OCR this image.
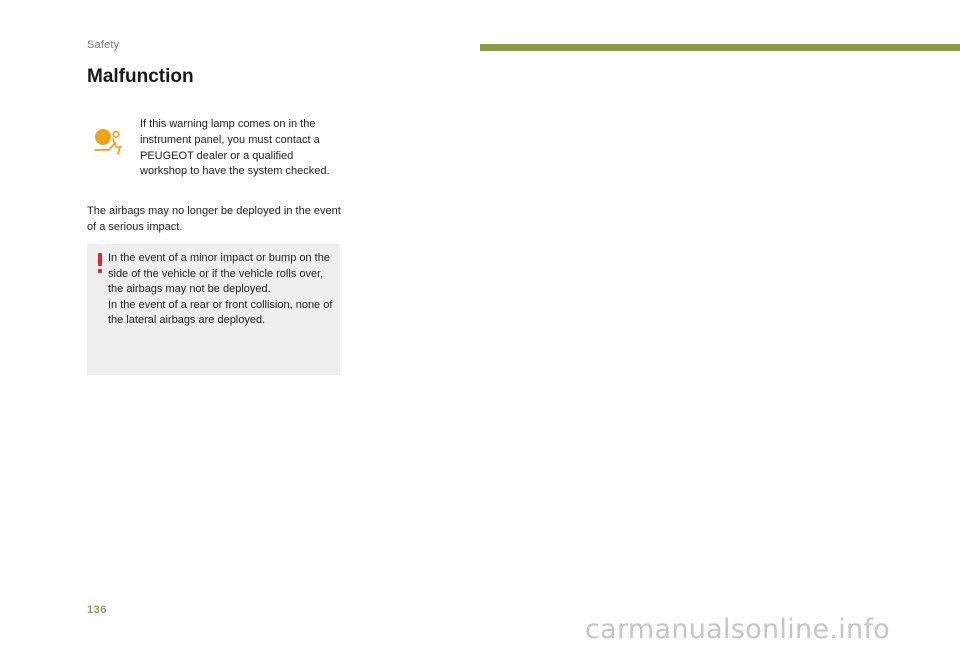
Safety
Malfunction

If this warning lamp comes on in the instrument panel, you must contact a PEUGEOT dealer or a qualified workshop to have the system checked.

The airbags may no longer be deployed in the event of a serious impact.

In the event of a minor impact or bump on the side of the vehicle or if the vehicle rolls over, the airbags may not be deployed.
In the event of a rear or front collision, none of the lateral airbags are deployed.

136
carmanualsonline.info
